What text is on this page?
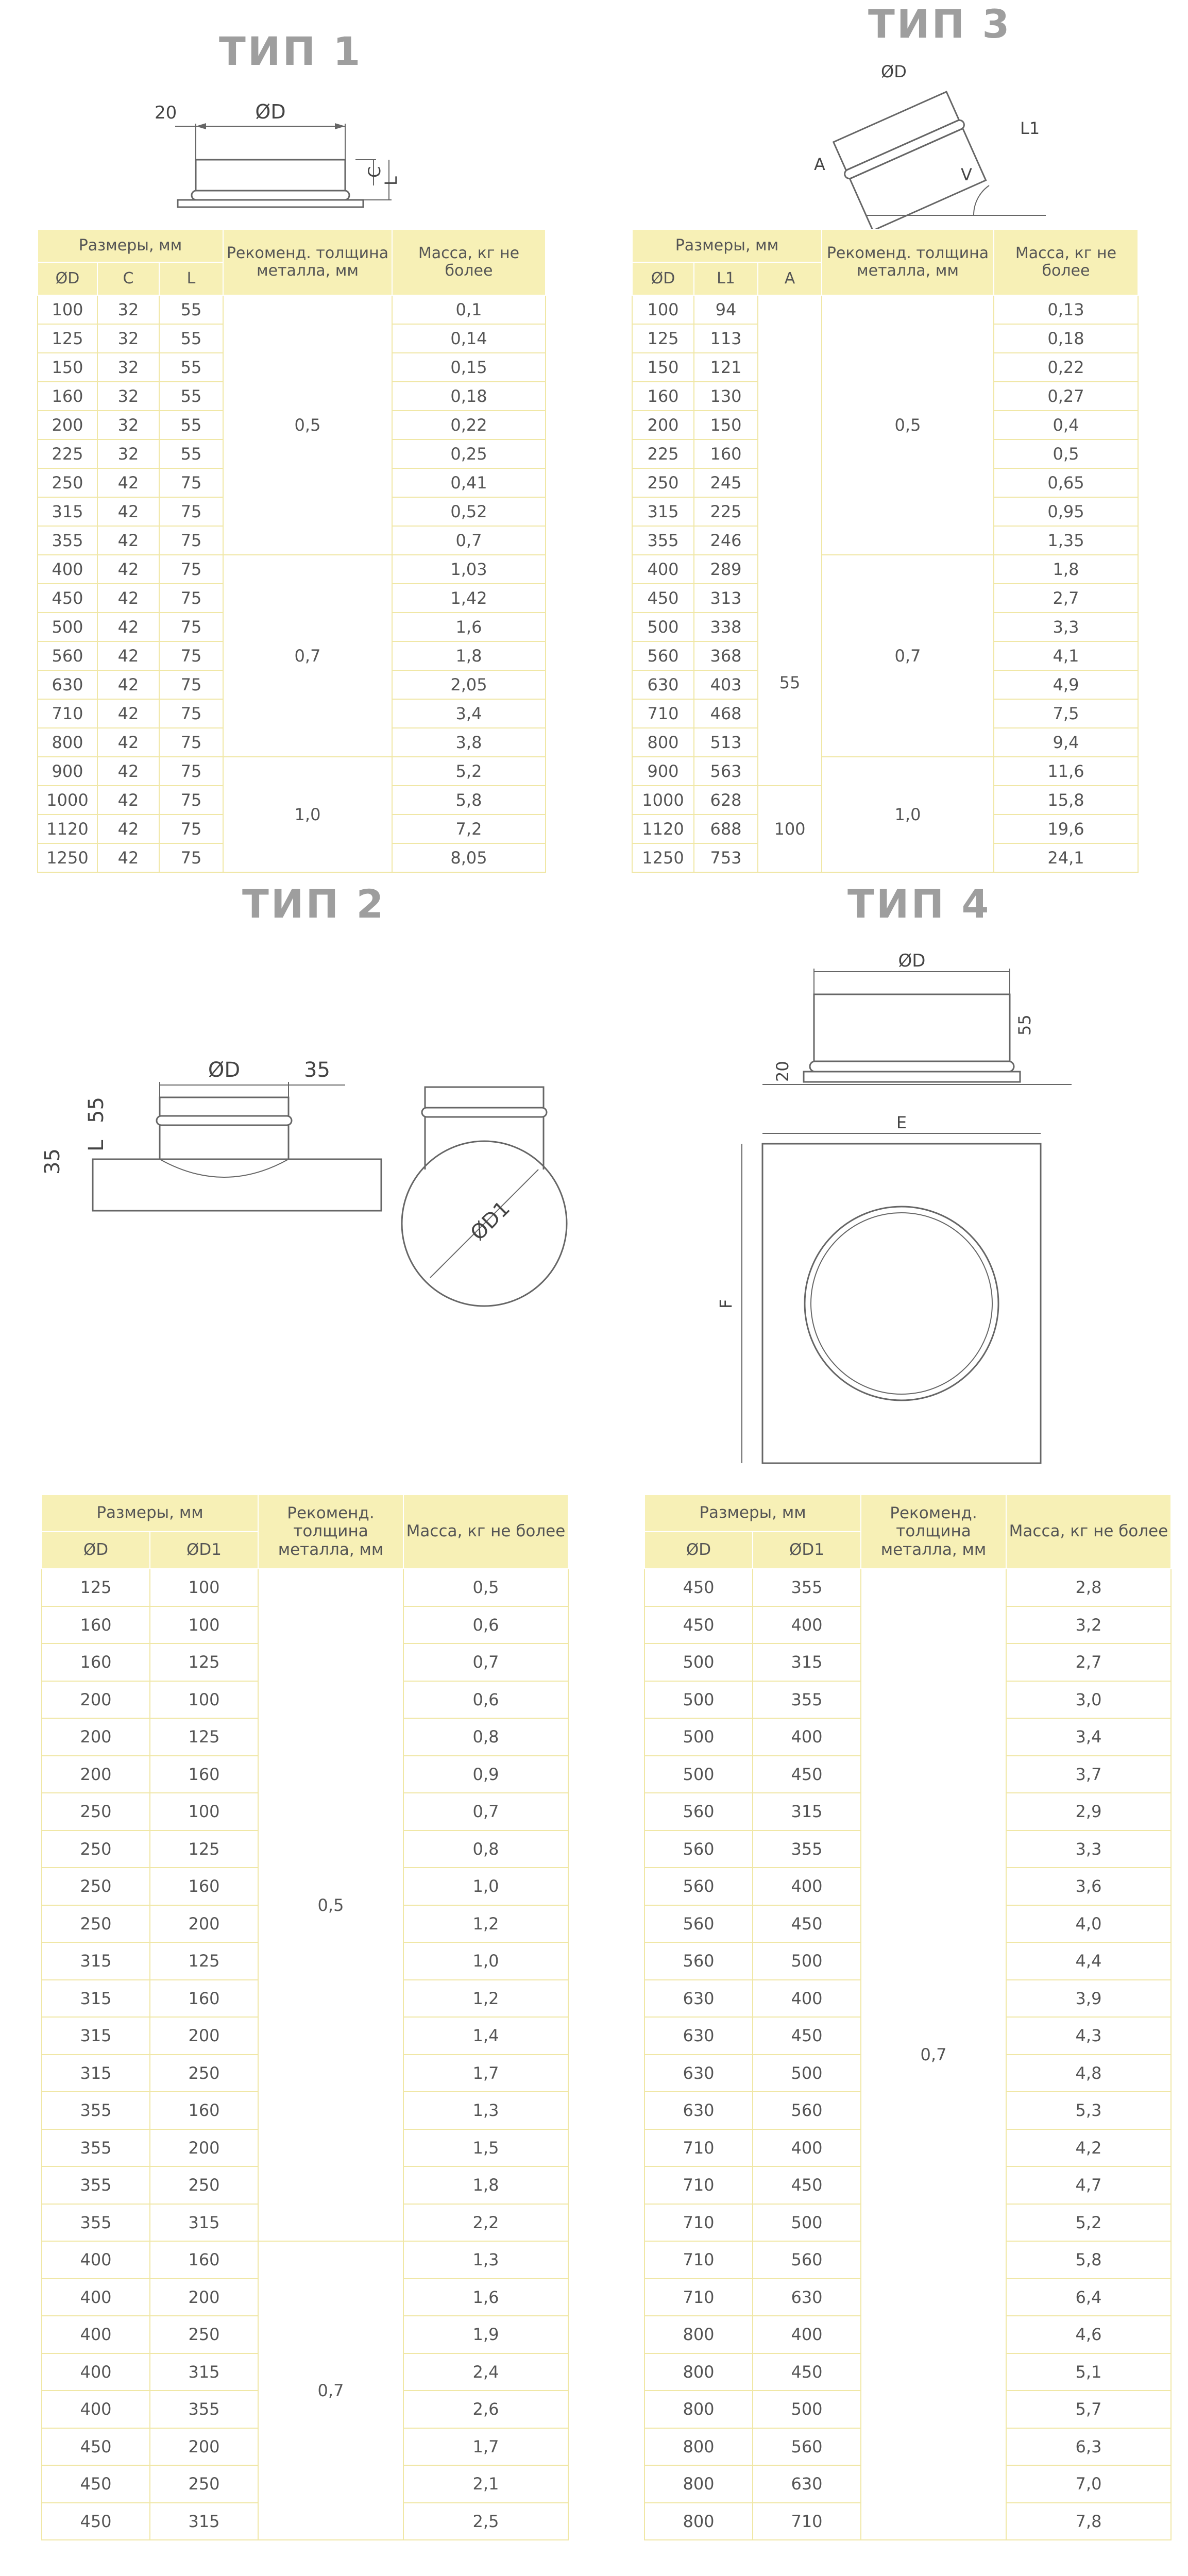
ТИП 1
ØD
20
C
L
Размеры, мм			Рекоменд. толщина металла, мм	Масса, кг не более
ØD	C	L		
100	32	55	0,5	0,1
125	32	55		0,14
150	32	55		0,15
160	32	55		0,18
200	32	55		0,22
225	32	55		0,25
250	42	75		0,41
315	42	75		0,52
355	42	75		0,7
400	42	75	0,7	1,03
450	42	75		1,42
500	42	75		1,6
560	42	75		1,8
630	42	75		2,05
710	42	75		3,4
800	42	75		3,8
900	42	75	1,0	5,2
1000	42	75		5,8
1120	42	75		7,2
1250	42	75		8,05
ТИП 3
ØD
L1
A
V
Размеры, мм			Рекоменд. толщина металла, мм	Масса, кг не более
ØD	L1	A		
100	94	55	0,5	0,13
125	113			0,18
150	121			0,22
160	130			0,27
200	150			0,4
225	160			0,5
250	245			0,65
315	225			0,95
355	246			1,35
400	289		0,7	1,8
450	313			2,7
500	338			3,3
560	368			4,1
630	403			4,9
710	468			7,5
800	513			9,4
900	563		1,0	11,6
1000	628	100		15,8
1120	688			19,6
1250	753			24,1
ТИП 2
ØD	35
55
L
35
ØD1
Размеры, мм		Рекоменд. толщина металла, мм	Масса, кг не более
ØD	ØD1		
125	100	0,5	0,5
160	100		0,6
160	125		0,7
200	100		0,6
200	125		0,8
200	160		0,9
250	100		0,7
250	125		0,8
250	160		1,0
250	200		1,2
315	125		1,0
315	160		1,2
315	200		1,4
315	250		1,7
355	160		1,3
355	200		1,5
355	250		1,8
355	315		2,2
400	160	0,7	1,3
400	200		1,6
400	250		1,9
400	315		2,4
400	355		2,6
450	200		1,7
450	250		2,1
450	315		2,5
ТИП 4
ØD
55
20
E
F
Размеры, мм		Рекоменд. толщина металла, мм	Масса, кг не более
ØD	ØD1		
450	355	0,7	2,8
450	400		3,2
500	315		2,7
500	355		3,0
500	400		3,4
500	450		3,7
560	315		2,9
560	355		3,3
560	400		3,6
560	450		4,0
560	500		4,4
630	400		3,9
630	450		4,3
630	500		4,8
630	560		5,3
710	400		4,2
710	450		4,7
710	500		5,2
710	560		5,8
710	630		6,4
800	400		4,6
800	450		5,1
800	500		5,7
800	560		6,3
800	630		7,0
800	710		7,8
